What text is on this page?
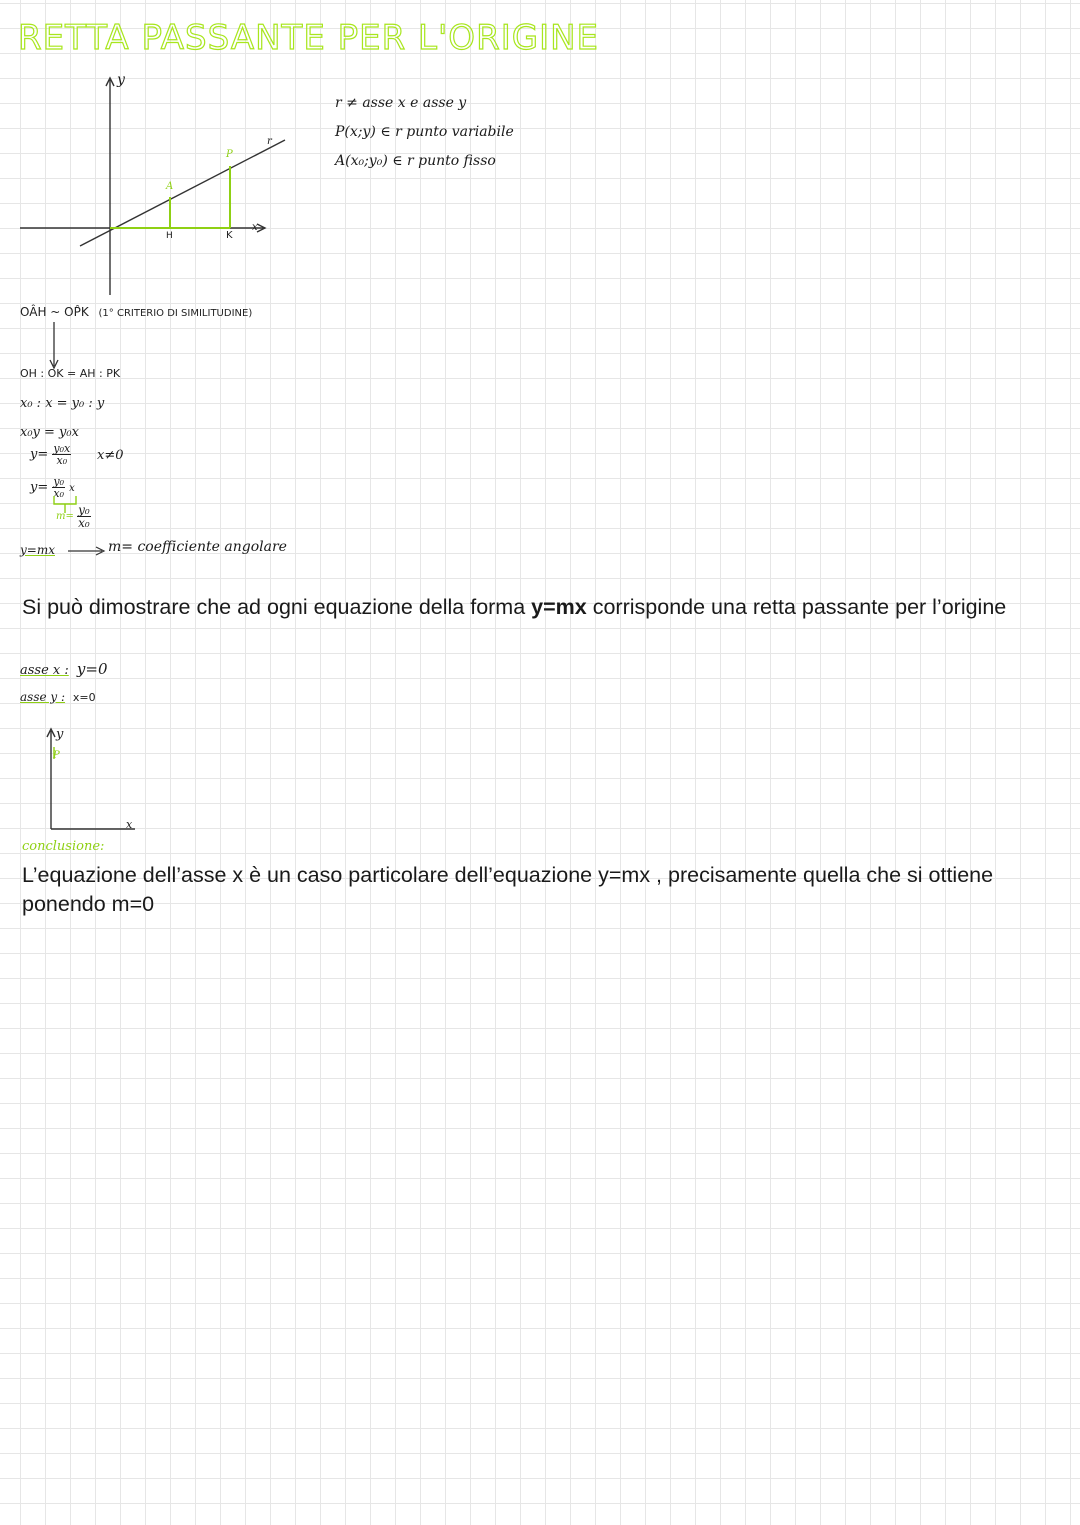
RETTA PASSANTE PER L'ORIGINE
y
x
r
A
P
H	K
r ≠ asse x e asse y
P(x;y) ∈ r punto variabile
A(x₀;y₀) ∈ r punto fisso
OÂH ~ OP̂K (1° CRITERIO DI SIMILITUDINE)
OH : OK = AH : PK
x₀ : x = y₀ : y
x₀y = y₀x
$y= \frac{\text{y₀x}}{\text{x₀}} x\ne 0$
$y= \frac{\text{y₀}}{\text{x₀}}$ x
$m= \frac{\text{y₀}}{\text{x₀}}$
y=mx	m= coefficiente angolare
Si può dimostrare che ad ogni equazione della forma y=mx corrisponde una retta passante per l’origine
asse x : y=0
asse y : x=0
y
P
x
conclusione:
L’equazione dell’asse x è un caso particolare dell’equazione y=mx , precisamente quella che si ottiene ponendo m=0
